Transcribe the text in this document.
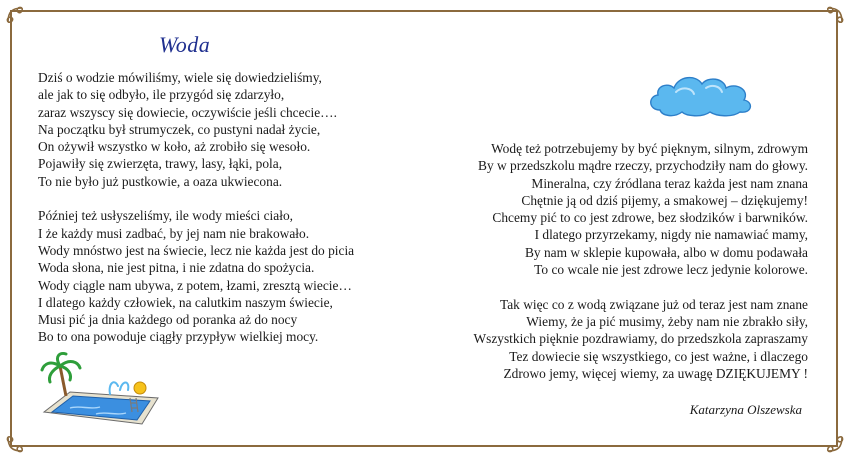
Woda
Dziś o wodzie mówiliśmy, wiele się dowiedzieliśmy,
ale jak to się odbyło, ile przygód się zdarzyło,
zaraz wszyscy się dowiecie, oczywiście jeśli chcecie….
Na początku był strumyczek, co pustyni nadał życie,
On ożywił wszystko w koło, aż zrobiło się wesoło.
Pojawiły się zwierzęta, trawy, lasy, łąki, pola,
To nie było już pustkowie, a oaza ukwiecona.
Później też usłyszeliśmy, ile wody mieści ciało,
I że każdy musi zadbać, by jej nam nie brakowało.
Wody mnóstwo jest na świecie, lecz nie każda jest do picia
Woda słona, nie jest pitna, i nie zdatna do spożycia.
Wody ciągle nam ubywa, z potem, łzami, zresztą wiecie…
I dlatego każdy człowiek, na calutkim naszym świecie,
Musi pić ja dnia każdego od poranka aż do nocy
Bo to ona powoduje ciągły przypływ wielkiej mocy.
Wodę też potrzebujemy by być pięknym, silnym, zdrowym
By w przedszkolu mądre rzeczy, przychodziły nam do głowy.
Mineralna, czy źródlana teraz każda jest nam znana
Chętnie ją od dziś pijemy, a smakowej – dziękujemy!
Chcemy pić to co jest zdrowe, bez słodzików i barwników.
I dlatego przyrzekamy, nigdy nie namawiać mamy,
By nam w sklepie kupowała, albo w domu podawała
To co wcale nie jest zdrowe lecz jedynie kolorowe.
Tak więc co z wodą związane już od teraz jest nam znane
Wiemy, że ja pić musimy, żeby nam nie zbrakło siły,
Wszystkich pięknie pozdrawiamy, do przedszkola zapraszamy
Tez dowiecie się wszystkiego, co jest ważne, i dlaczego
Zdrowo jemy, więcej wiemy, za uwagę DZIĘKUJEMY !
Katarzyna Olszewska
